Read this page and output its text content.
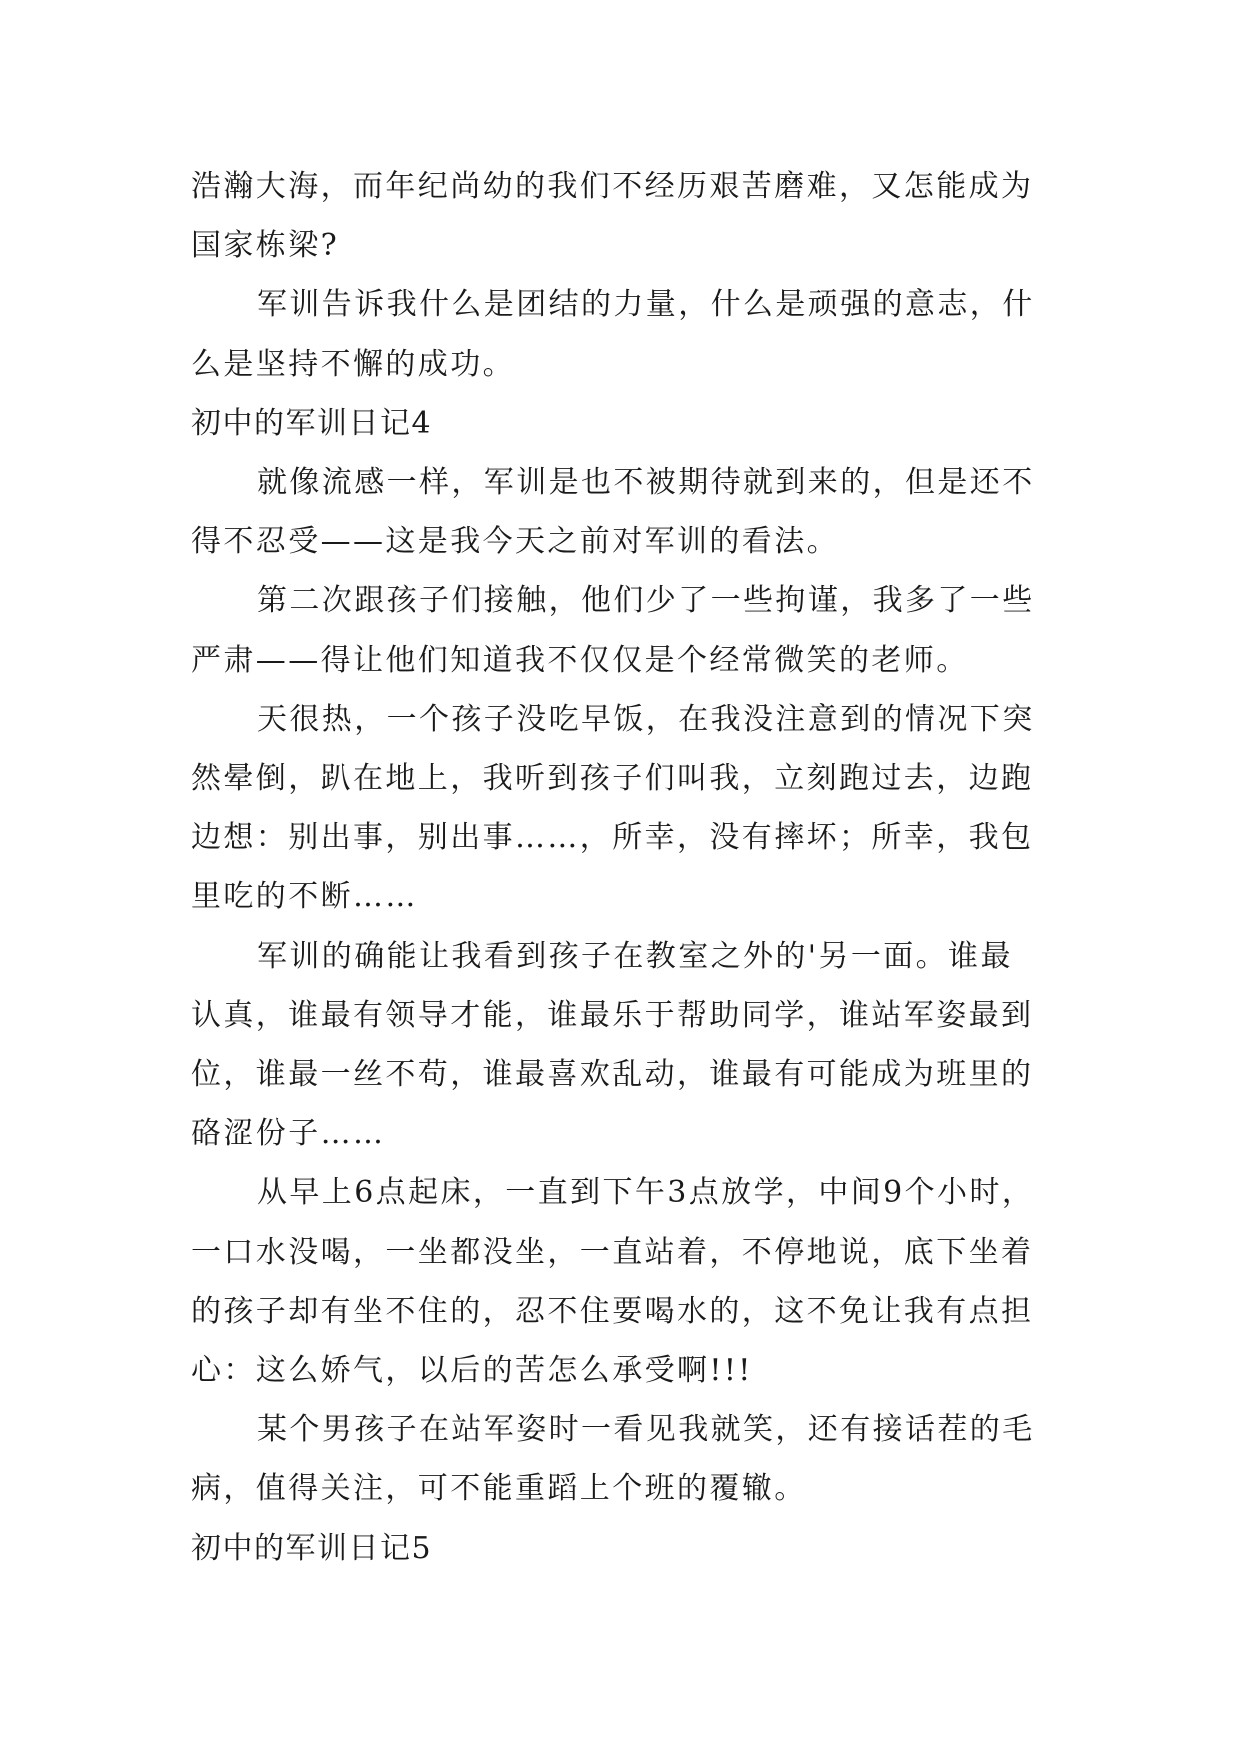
浩瀚大海，而年纪尚幼的我们不经历艰苦磨难，又怎能成为

国家栋梁?

军训告诉我什么是团结的力量，什么是顽强的意志，什

么是坚持不懈的成功。

初中的军训日记4

就像流感一样，军训是也不被期待就到来的，但是还不

得不忍受——这是我今天之前对军训的看法。

第二次跟孩子们接触，他们少了一些拘谨，我多了一些

严肃——得让他们知道我不仅仅是个经常微笑的老师。

天很热，一个孩子没吃早饭，在我没注意到的情况下突

然晕倒，趴在地上，我听到孩子们叫我，立刻跑过去，边跑

边想：别出事，别出事……，所幸，没有摔坏；所幸，我包

里吃的不断……

军训的确能让我看到孩子在教室之外的'另一面。谁最

认真，谁最有领导才能，谁最乐于帮助同学，谁站军姿最到

位，谁最一丝不苟，谁最喜欢乱动，谁最有可能成为班里的

硌涩份子……

从早上6点起床，一直到下午3点放学，中间9个小时，

一口水没喝，一坐都没坐，一直站着，不停地说，底下坐着

的孩子却有坐不住的，忍不住要喝水的，这不免让我有点担

心：这么娇气，以后的苦怎么承受啊!!!

某个男孩子在站军姿时一看见我就笑，还有接话茬的毛

病，值得关注，可不能重蹈上个班的覆辙。

初中的军训日记5
